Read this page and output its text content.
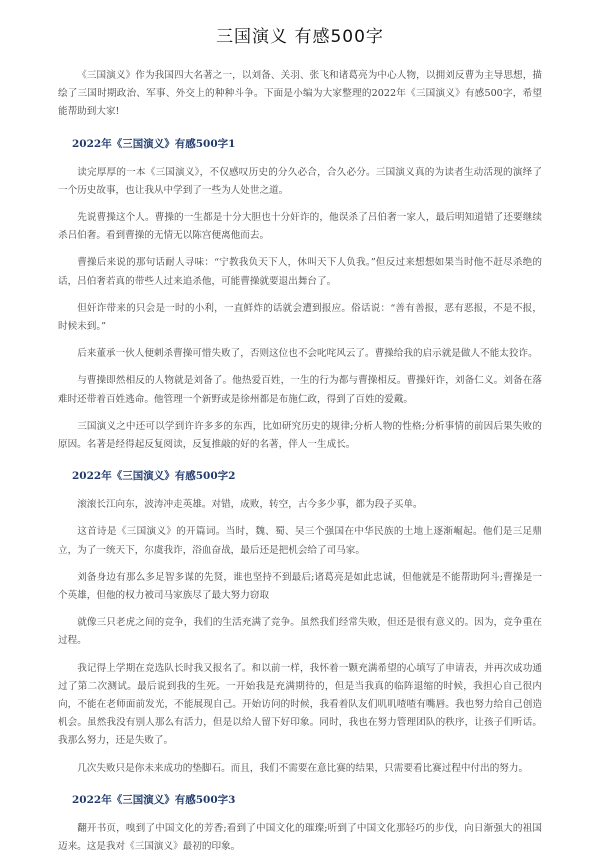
三国演义 有感500字

《三国演义》作为我国四大名著之一，以刘备、关羽、张飞和诸葛亮为中心人物，以拥刘反曹为主导思想，描绘了三国时期政治、军事、外交上的种种斗争。下面是小编为大家整理的2022年《三国演义》有感500字，希望能帮助到大家!

2022年《三国演义》有感500字1

读完厚厚的一本《三国演义》，不仅感叹历史的分久必合，合久必分。三国演义真的为读者生动活现的演绎了一个历史故事，也让我从中学到了一些为人处世之道。

先说曹操这个人。曹操的一生都是十分大胆也十分奸诈的，他误杀了吕伯奢一家人，最后明知道错了还要继续杀吕伯奢。看到曹操的无情无以陈宫便离他而去。

曹操后来说的那句话耐人寻味：“宁教我负天下人，休叫天下人负我。”但反过来想想如果当时他不赶尽杀绝的话，吕伯奢若真的带些人过来追杀他，可能曹操就要退出舞台了。

但奸诈带来的只会是一时的小利，一直鲜炸的话就会遭到报应。俗话说：“善有善报，恶有恶报，不是不报，时候未到。”

后来董承一伙人便刺杀曹操可惜失败了，否则这位也不会叱咤风云了。曹操给我的启示就是做人不能太狡诈。

与曹操即然相反的人物就是刘备了。他热爱百姓，一生的行为都与曹操相反。曹操奸诈，刘备仁义。刘备在落难时还带着百姓逃命。他管理一个新野或是徐州都是布施仁政，得到了百姓的爱戴。

三国演义之中还可以学到许许多多的东西，比如研究历史的规律;分析人物的性格;分析事情的前因后果失败的原因。名著是经得起反复阅读，反复推敲的好的名著，伴人一生成长。

2022年《三国演义》有感500字2

滚滚长江向东，波涛冲走英雄。对错，成败，转空，古今多少事，都为段子买单。

这首诗是《三国演义》的开篇词。当时，魏、蜀、吴三个强国在中华民族的土地上逐渐崛起。他们是三足鼎立，为了一统天下，尔虞我诈，浴血奋战，最后还是把机会给了司马家。

刘备身边有那么多足智多谋的先贤，谁也坚持不到最后;诸葛亮是如此忠诚，但他就是不能帮助阿斗;曹操是一个英雄，但他的权力被司马家族尽了最大努力窃取

就像三只老虎之间的竞争，我们的生活充满了竞争。虽然我们经常失败，但还是很有意义的。因为，竞争重在过程。

我记得上学期在竞选队长时我又报名了。和以前一样，我怀着一颗充满希望的心填写了申请表，并再次成功通过了第二次测试。最后说到我的生死。一开始我是充满期待的，但是当我真的临阵退缩的时候，我担心自己很内向，不能在老师面前发光，不能展现自己。开始访问的时候，我看着队友们叽叽喳喳有嘴唇。我也努力给自己创造机会。虽然我没有别人那么有活力，但是以给人留下好印象。同时，我也在努力管理团队的秩序，让孩子们听话。我那么努力，还是失败了。

几次失败只是你未来成功的垫脚石。而且，我们不需要在意比赛的结果，只需要看比赛过程中付出的努力。

2022年《三国演义》有感500字3

翻开书页，嗅到了中国文化的芳香;看到了中国文化的璀璨;听到了中国文化那轻巧的步伐，向日渐强大的祖国迈来。这是我对《三国演义》最初的印象。
